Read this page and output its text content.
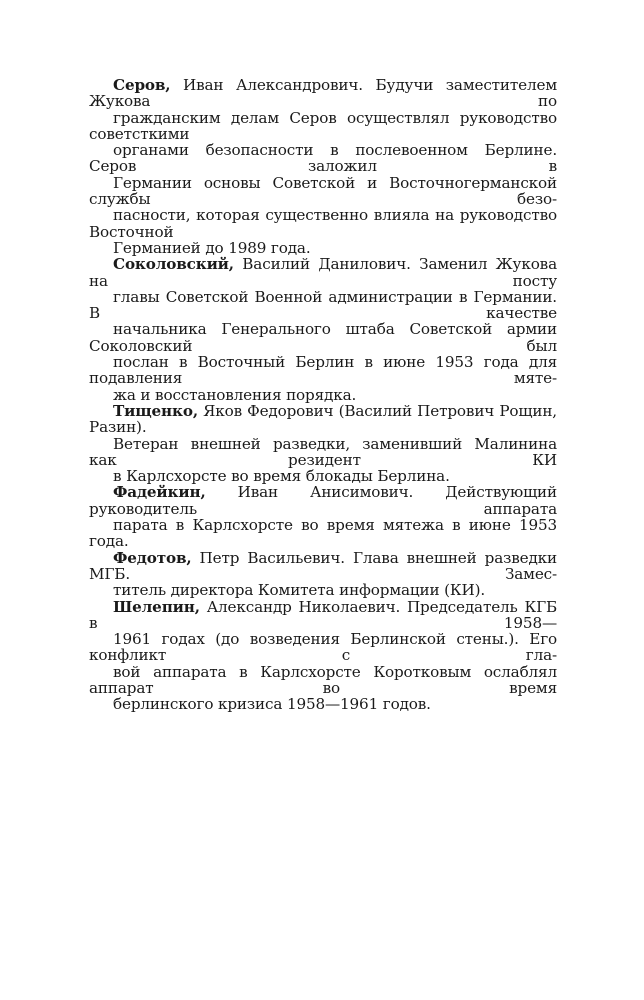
Серов, Иван Александрович. Будучи заместителем Жукова по
гражданским делам Серов осуществлял руководство советсткими
органами безопасности в послевоенном Берлине. Серов заложил в
Германии основы Советской и Восточногерманской службы безо-
пасности, которая существенно влияла на руководство Восточной
Германией до 1989 года.

Соколовский, Василий Данилович. Заменил Жукова на посту
главы Советской Военной администрации в Германии. В качестве
начальника Генерального штаба Советской армии Соколовский был
послан в Восточный Берлин в июне 1953 года для подавления мяте-
жа и восстановления порядка.

Тищенко, Яков Федорович (Василий Петрович Рощин, Разин).
Ветеран внешней разведки, заменивший Малинина как резидент КИ
в Карлсхорсте во время блокады Берлина.

Фадейкин, Иван Анисимович. Действующий руководитель аппарата
парата в Карлсхорсте во время мятежа в июне 1953 года.

Федотов, Петр Васильевич. Глава внешней разведки МГБ. Замес-
титель директора Комитета информации (КИ).

Шелепин, Александр Николаевич. Председатель КГБ в 1958—
1961 годах (до возведения Берлинской стены.). Его конфликт с гла-
вой аппарата в Карлсхорсте Коротковым ослаблял аппарат во время
берлинского кризиса 1958—1961 годов.
